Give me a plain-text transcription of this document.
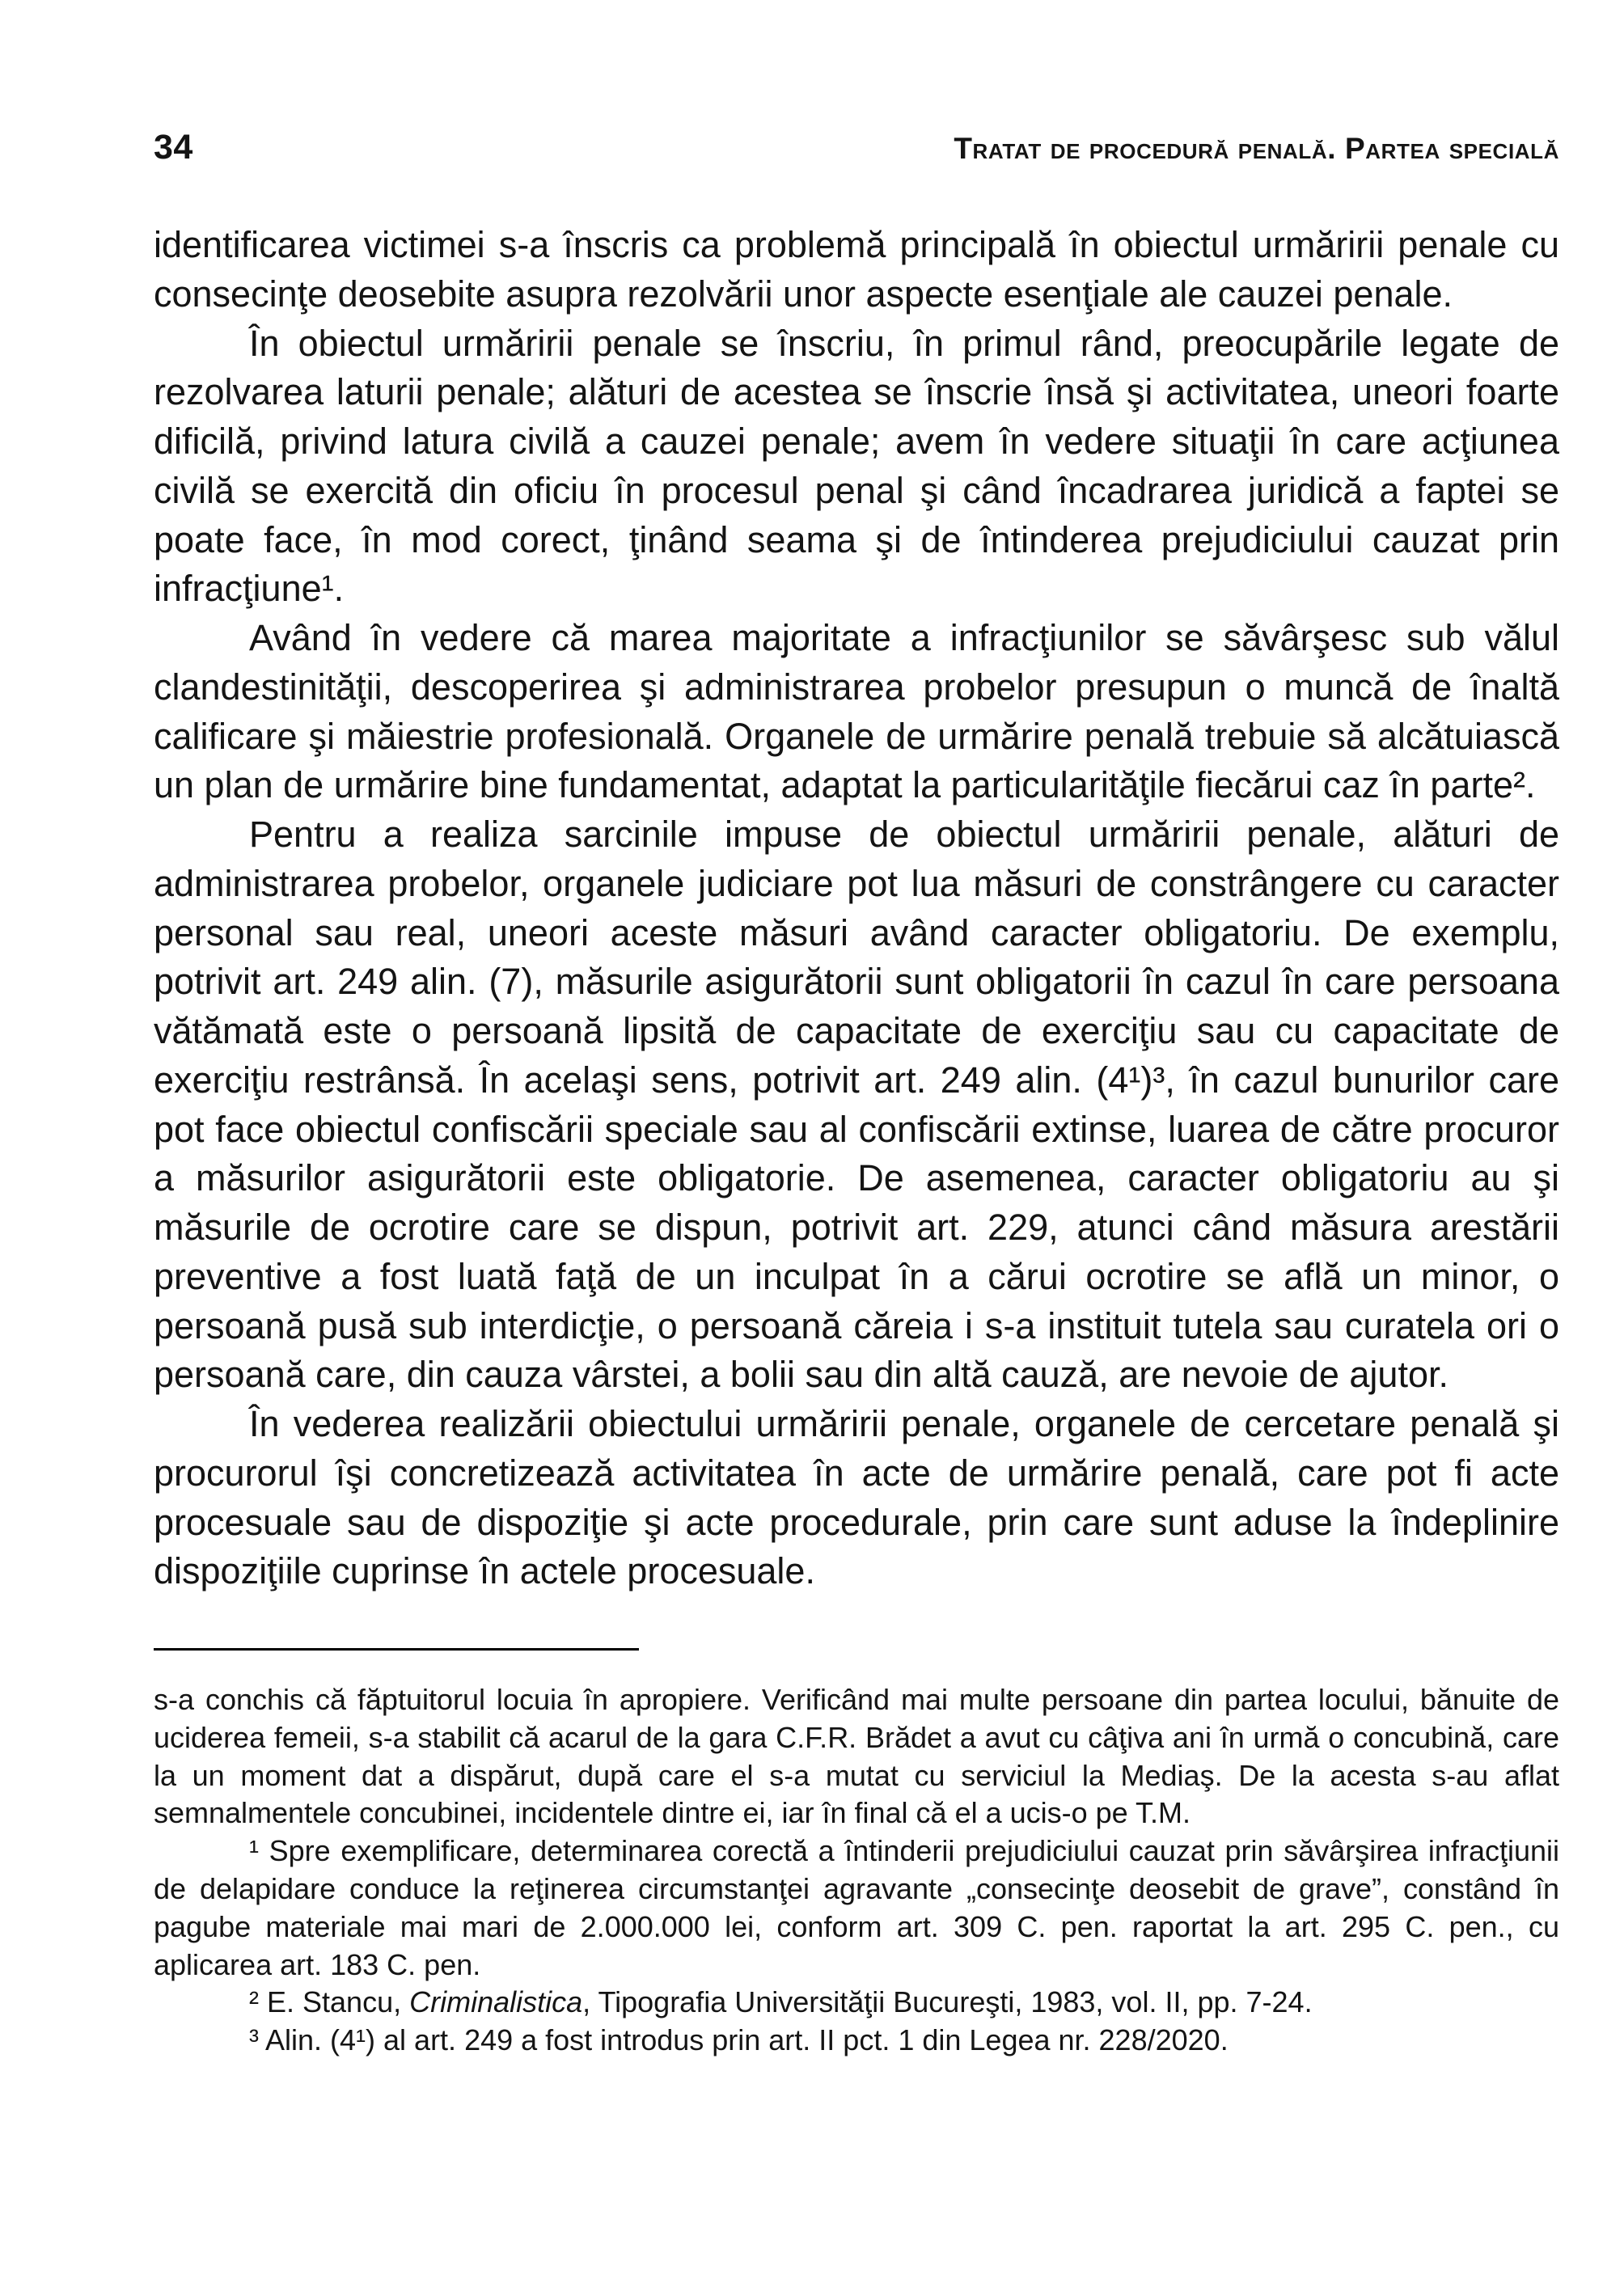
34	Tratat de procedură penală. Partea specială

identificarea victimei s-a înscris ca problemă principală în obiectul urmăririi penale cu consecinţe deosebite asupra rezolvării unor aspecte esenţiale ale cauzei penale.

În obiectul urmăririi penale se înscriu, în primul rând, preocupările legate de rezolvarea laturii penale; alături de acestea se înscrie însă şi activitatea, uneori foarte dificilă, privind latura civilă a cauzei penale; avem în vedere situaţii în care acţiunea civilă se exercită din oficiu în procesul penal şi când încadrarea juridică a faptei se poate face, în mod corect, ţinând seama şi de întinderea prejudiciului cauzat prin infracţiune¹.

Având în vedere că marea majoritate a infracţiunilor se săvârşesc sub vălul clandestinităţii, descoperirea şi administrarea probelor presupun o muncă de înaltă calificare şi măiestrie profesională. Organele de urmărire penală trebuie să alcătuiască un plan de urmărire bine fundamentat, adaptat la particularităţile fiecărui caz în parte².

Pentru a realiza sarcinile impuse de obiectul urmăririi penale, alături de administrarea probelor, organele judiciare pot lua măsuri de constrângere cu caracter personal sau real, uneori aceste măsuri având caracter obligatoriu. De exemplu, potrivit art. 249 alin. (7), măsurile asigurătorii sunt obligatorii în cazul în care persoana vătămată este o persoană lipsită de capacitate de exerciţiu sau cu capacitate de exerciţiu restrânsă. În acelaşi sens, potrivit art. 249 alin. (4¹)³, în cazul bunurilor care pot face obiectul confiscării speciale sau al confiscării extinse, luarea de către procuror a măsurilor asigurătorii este obligatorie. De asemenea, caracter obligatoriu au şi măsurile de ocrotire care se dispun, potrivit art. 229, atunci când măsura arestării preventive a fost luată faţă de un inculpat în a cărui ocrotire se află un minor, o persoană pusă sub interdicţie, o persoană căreia i s-a instituit tutela sau curatela ori o persoană care, din cauza vârstei, a bolii sau din altă cauză, are nevoie de ajutor.

În vederea realizării obiectului urmăririi penale, organele de cercetare penală şi procurorul îşi concretizează activitatea în acte de urmărire penală, care pot fi acte procesuale sau de dispoziţie şi acte procedurale, prin care sunt aduse la îndeplinire dispoziţiile cuprinse în actele procesuale.

s-a conchis că făptuitorul locuia în apropiere. Verificând mai multe persoane din partea locului, bănuite de uciderea femeii, s-a stabilit că acarul de la gara C.F.R. Brădet a avut cu câţiva ani în urmă o concubină, care la un moment dat a dispărut, după care el s-a mutat cu serviciul la Mediaş. De la acesta s-au aflat semnalmentele concubinei, incidentele dintre ei, iar în final că el a ucis-o pe T.M.

¹ Spre exemplificare, determinarea corectă a întinderii prejudiciului cauzat prin săvârşirea infracţiunii de delapidare conduce la reţinerea circumstanţei agravante „consecinţe deosebit de grave”, constând în pagube materiale mai mari de 2.000.000 lei, conform art. 309 C. pen. raportat la art. 295 C. pen., cu aplicarea art. 183 C. pen.

² E. Stancu, Criminalistica, Tipografia Universităţii Bucureşti, 1983, vol. II, pp. 7-24.

³ Alin. (4¹) al art. 249 a fost introdus prin art. II pct. 1 din Legea nr. 228/2020.
